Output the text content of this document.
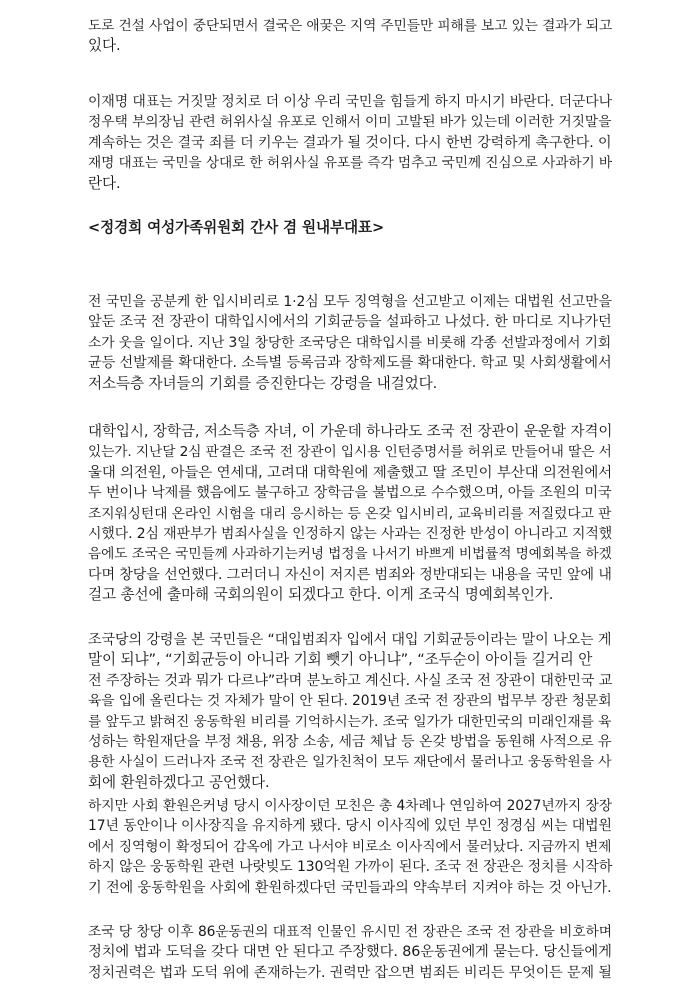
도로 건설 사업이 중단되면서 결국은 애꿎은 지역 주민들만 피해를 보고 있는 결과가 되고
있다.
이재명 대표는 거짓말 정치로 더 이상 우리 국민을 힘들게 하지 마시기 바란다. 더군다나
정우택 부의장님 관련 허위사실 유포로 인해서 이미 고발된 바가 있는데 이러한 거짓말을
계속하는 것은 결국 죄를 더 키우는 결과가 될 것이다. 다시 한번 강력하게 촉구한다. 이
재명 대표는 국민을 상대로 한 허위사실 유포를 즉각 멈추고 국민께 진심으로 사과하기 바
란다.
<정경희 여성가족위원회 간사 겸 원내부대표>
전 국민을 공분케 한 입시비리로 1·2심 모두 징역형을 선고받고 이제는 대법원 선고만을
앞둔 조국 전 장관이 대학입시에서의 기회균등을 설파하고 나섰다. 한 마디로 지나가던
소가 웃을 일이다. 지난 3일 창당한 조국당은 대학입시를 비롯해 각종 선발과정에서 기회
균등 선발제를 확대한다. 소득별 등록금과 장학제도를 확대한다. 학교 및 사회생활에서
저소득층 자녀들의 기회를 증진한다는 강령을 내걸었다.
대학입시, 장학금, 저소득층 자녀, 이 가운데 하나라도 조국 전 장관이 운운할 자격이
있는가. 지난달 2심 판결은 조국 전 장관이 입시용 인턴증명서를 허위로 만들어내 딸은 서
울대 의전원, 아들은 연세대, 고려대 대학원에 제출했고 딸 조민이 부산대 의전원에서
두 번이나 낙제를 했음에도 불구하고 장학금을 불법으로 수수했으며, 아들 조원의 미국
조지워싱턴대 온라인 시험을 대리 응시하는 등 온갖 입시비리, 교육비리를 저질렀다고 판
시했다. 2심 재판부가 범죄사실을 인정하지 않는 사과는 진정한 반성이 아니라고 지적했
음에도 조국은 국민들께 사과하기는커녕 법정을 나서기 바쁘게 비법률적 명예회복을 하겠
다며 창당을 선언했다. 그러더니 자신이 저지른 범죄와 정반대되는 내용을 국민 앞에 내
걸고 총선에 출마해 국회의원이 되겠다고 한다. 이게 조국식 명예회복인가.
조국당의 강령을 본 국민들은 “대입범죄자 입에서 대입 기회균등이라는 말이 나오는 게
말이 되냐”, “기회균등이 아니라 기회 뺏기 아니냐”, “조두순이 아이들 길거리 안
전 주장하는 것과 뭐가 다르냐”라며 분노하고 계신다. 사실 조국 전 장관이 대한민국 교
육을 입에 올린다는 것 자체가 말이 안 된다. 2019년 조국 전 장관의 법무부 장관 청문회
를 앞두고 밝혀진 웅동학원 비리를 기억하시는가. 조국 일가가 대한민국의 미래인재를 육
성하는 학원재단을 부정 채용, 위장 소송, 세금 체납 등 온갖 방법을 동원해 사적으로 유
용한 사실이 드러나자 조국 전 장관은 일가친척이 모두 재단에서 물러나고 웅동학원을 사
회에 환원하겠다고 공언했다.
하지만 사회 환원은커녕 당시 이사장이던 모친은 총 4차례나 연임하여 2027년까지 장장
17년 동안이나 이사장직을 유지하게 됐다. 당시 이사직에 있던 부인 정경심 씨는 대법원
에서 징역형이 확정되어 감옥에 가고 나서야 비로소 이사직에서 물러났다. 지금까지 변제
하지 않은 웅동학원 관련 나랏빚도 130억원 가까이 된다. 조국 전 장관은 정치를 시작하
기 전에 웅동학원을 사회에 환원하겠다던 국민들과의 약속부터 지켜야 하는 것 아닌가.
조국 당 창당 이후 86운동권의 대표적 인물인 유시민 전 장관은 조국 전 장관을 비호하며
정치에 법과 도덕을 갖다 대면 안 된다고 주장했다. 86운동권에게 묻는다. 당신들에게
정치권력은 법과 도덕 위에 존재하는가. 권력만 잡으면 범죄든 비리든 무엇이든 문제 될
